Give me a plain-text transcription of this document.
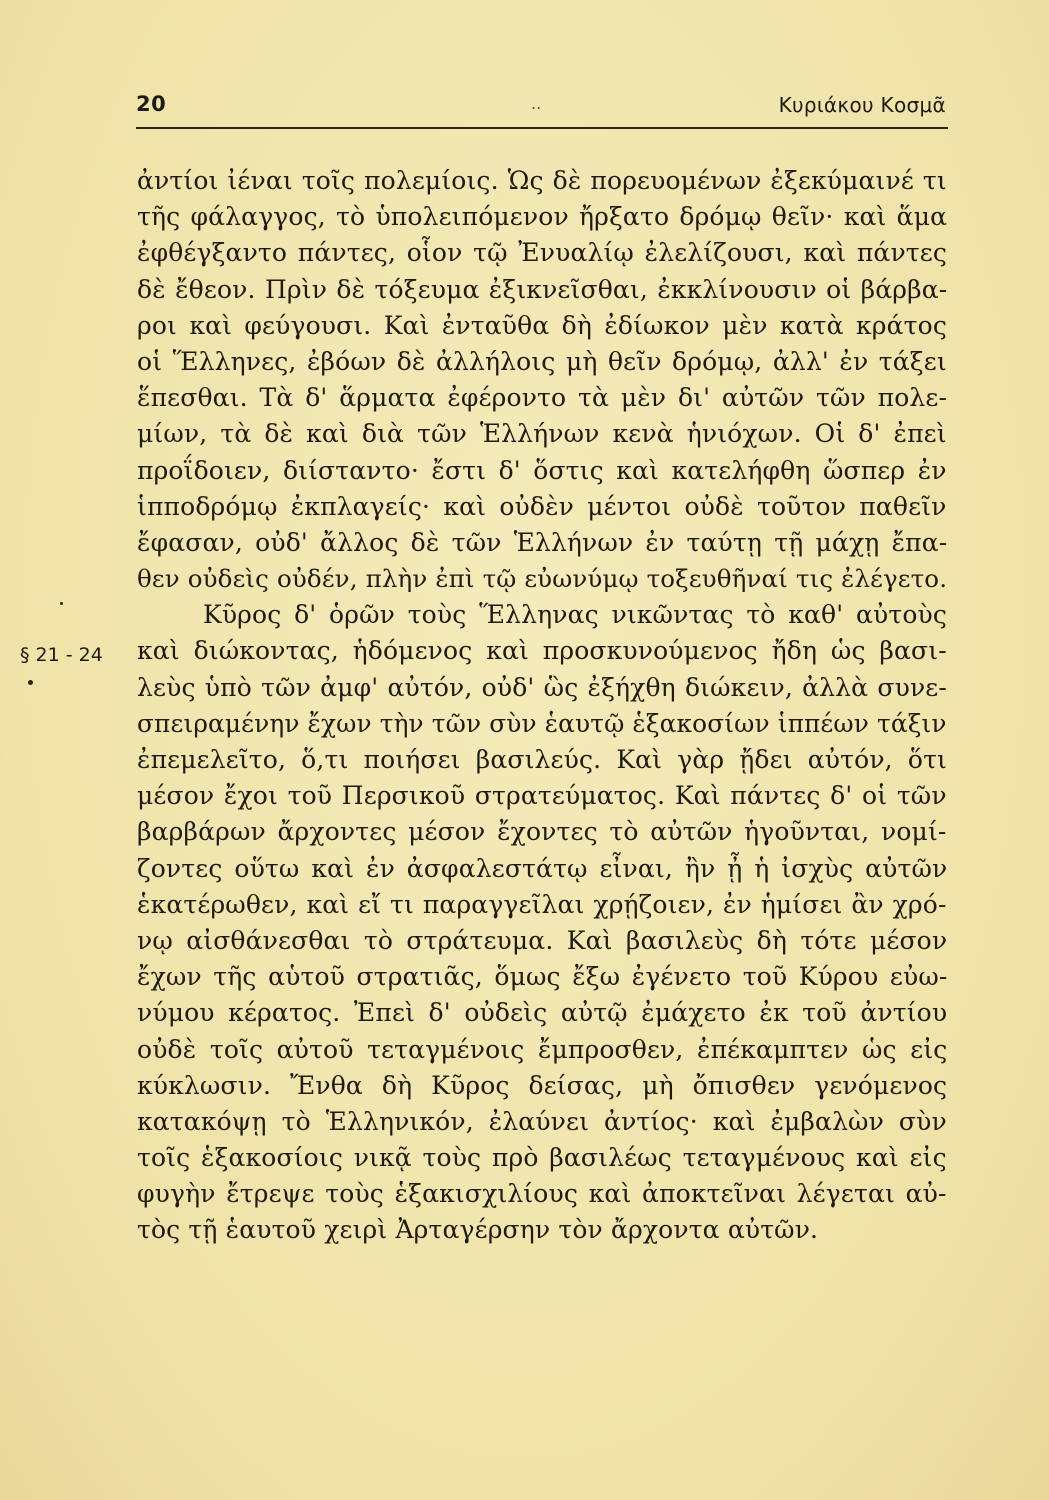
20	..	Κυριάκου Κοσμᾶ
§ 21 - 24
ἀντίοι ἰέναι τοῖς πολεμίοις. Ὡς δὲ πορευομένων ἐξεκύμαινέ τι
τῆς φάλαγγος, τὸ ὑπολειπόμενον ἤρξατο δρόμῳ θεῖν· καὶ ἅμα
ἐφθέγξαντο πάντες, οἷον τῷ Ἐνυαλίῳ ἐλελίζουσι, καὶ πάντες
δὲ ἔθεον. Πρὶν δὲ τόξευμα ἐξικνεῖσθαι, ἐκκλίνουσιν οἱ βάρβα-
ροι καὶ φεύγουσι. Καὶ ἐνταῦθα δὴ ἐδίωκον μὲν κατὰ κράτος
οἱ Ἕλληνες, ἐβόων δὲ ἀλλήλοις μὴ θεῖν δρόμῳ, ἀλλ' ἐν τάξει
ἕπεσθαι. Τὰ δ' ἅρματα ἐφέροντο τὰ μὲν δι' αὐτῶν τῶν πολε-
μίων, τὰ δὲ καὶ διὰ τῶν Ἑλλήνων κενὰ ἡνιόχων. Οἱ δ' ἐπεὶ
προΐδοιεν, διίσταντο· ἔστι δ' ὅστις καὶ κατελήφθη ὥσπερ ἐν
ἱπποδρόμῳ ἐκπλαγείς· καὶ οὐδὲν μέντοι οὐδὲ τοῦτον παθεῖν
ἔφασαν, οὐδ' ἄλλος δὲ τῶν Ἑλλήνων ἐν ταύτῃ τῇ μάχῃ ἔπα-
θεν οὐδεὶς οὐδέν, πλὴν ἐπὶ τῷ εὐωνύμῳ τοξευθῆναί τις ἐλέγετο.
Κῦρος δ' ὁρῶν τοὺς Ἕλληνας νικῶντας τὸ καθ' αὐτοὺς
καὶ διώκοντας, ἡδόμενος καὶ προσκυνούμενος ἤδη ὡς βασι-
λεὺς ὑπὸ τῶν ἀμφ' αὐτόν, οὐδ' ὣς ἐξήχθη διώκειν, ἀλλὰ συνε-
σπειραμένην ἔχων τὴν τῶν σὺν ἑαυτῷ ἑξακοσίων ἱππέων τάξιν
ἐπεμελεῖτο, ὅ,τι ποιήσει βασιλεύς. Καὶ γὰρ ᾔδει αὐτόν, ὅτι
μέσον ἔχοι τοῦ Περσικοῦ στρατεύματος. Καὶ πάντες δ' οἱ τῶν
βαρβάρων ἄρχοντες μέσον ἔχοντες τὸ αὐτῶν ἡγοῦνται, νομί-
ζοντες οὕτω καὶ ἐν ἀσφαλεστάτῳ εἶναι, ἢν ᾖ ἡ ἰσχὺς αὐτῶν
ἑκατέρωθεν, καὶ εἴ τι παραγγεῖλαι χρῄζοιεν, ἐν ἡμίσει ἂν χρό-
νῳ αἰσθάνεσθαι τὸ στράτευμα. Καὶ βασιλεὺς δὴ τότε μέσον
ἔχων τῆς αὑτοῦ στρατιᾶς, ὅμως ἔξω ἐγένετο τοῦ Κύρου εὐω-
νύμου κέρατος. Ἐπεὶ δ' οὐδεὶς αὐτῷ ἐμάχετο ἐκ τοῦ ἀντίου
οὐδὲ τοῖς αὐτοῦ τεταγμένοις ἔμπροσθεν, ἐπέκαμπτεν ὡς εἰς
κύκλωσιν. Ἔνθα δὴ Κῦρος δείσας, μὴ ὄπισθεν γενόμενος
κατακόψῃ τὸ Ἑλληνικόν, ἐλαύνει ἀντίος· καὶ ἐμβαλὼν σὺν
τοῖς ἑξακοσίοις νικᾷ τοὺς πρὸ βασιλέως τεταγμένους καὶ εἰς
φυγὴν ἔτρεψε τοὺς ἑξακισχιλίους καὶ ἀποκτεῖναι λέγεται αὐ-
τὸς τῇ ἑαυτοῦ χειρὶ Ἀρταγέρσην τὸν ἄρχοντα αὐτῶν.
